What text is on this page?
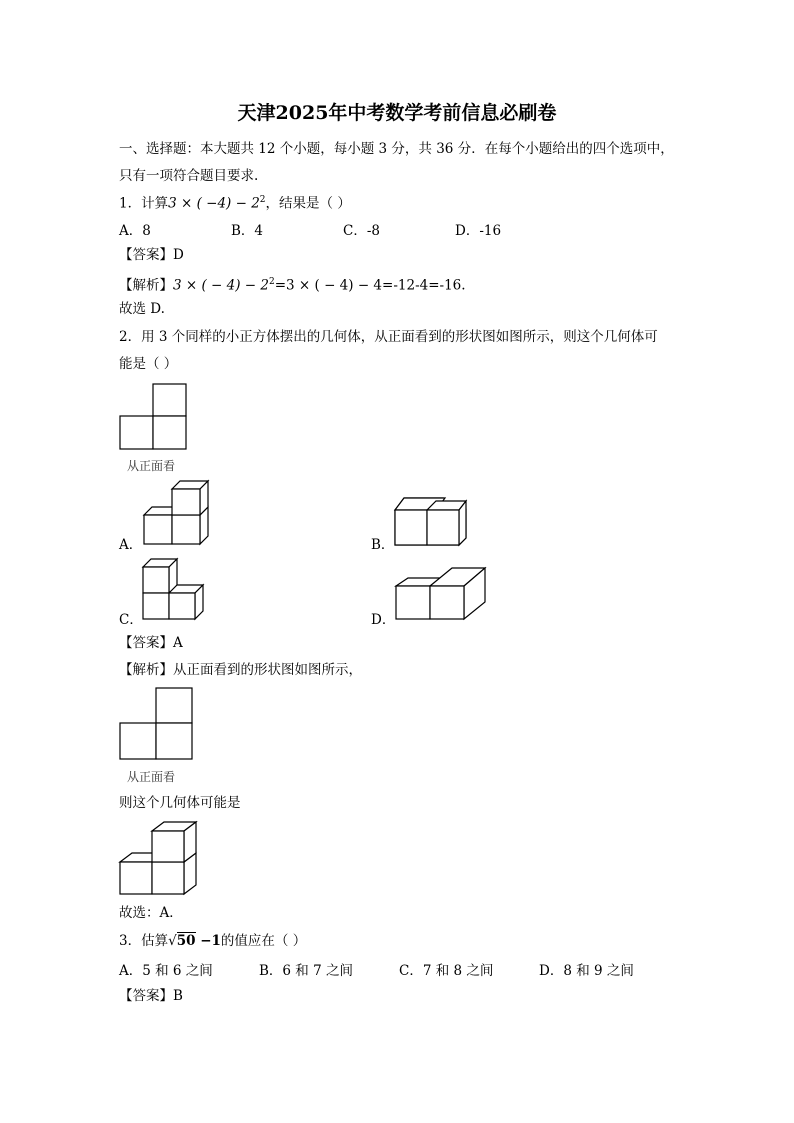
天津2025年中考数学考前信息必刷卷
一、选择题：本大题共 12 个小题，每小题 3 分，共 36 分．在每个小题给出的四个选项中，
只有一项符合题目要求.
1．计算3 × ( $-4) - 2^2$，结果是（ ）
A．8	B．4	C．-8	D．-16
【答案】D
【解析】3 × ( − $4) - 2^2=3$ × ( − 4) − 4=-12-4=-16.
故选 D.
2．用 3 个同样的小正方体摆出的几何体，从正面看到的形状图如图所示，则这个几何体可
能是（ ）
从正面看
A．	B．
C．	D．
【答案】A
【解析】从正面看到的形状图如图所示，
从正面看
则这个几何体可能是
故选：A．
3．估算√50 −1的值应在（ ）
A．5 和 6 之间	B．6 和 7 之间	C．7 和 8 之间	D．8 和 9 之间
【答案】B
